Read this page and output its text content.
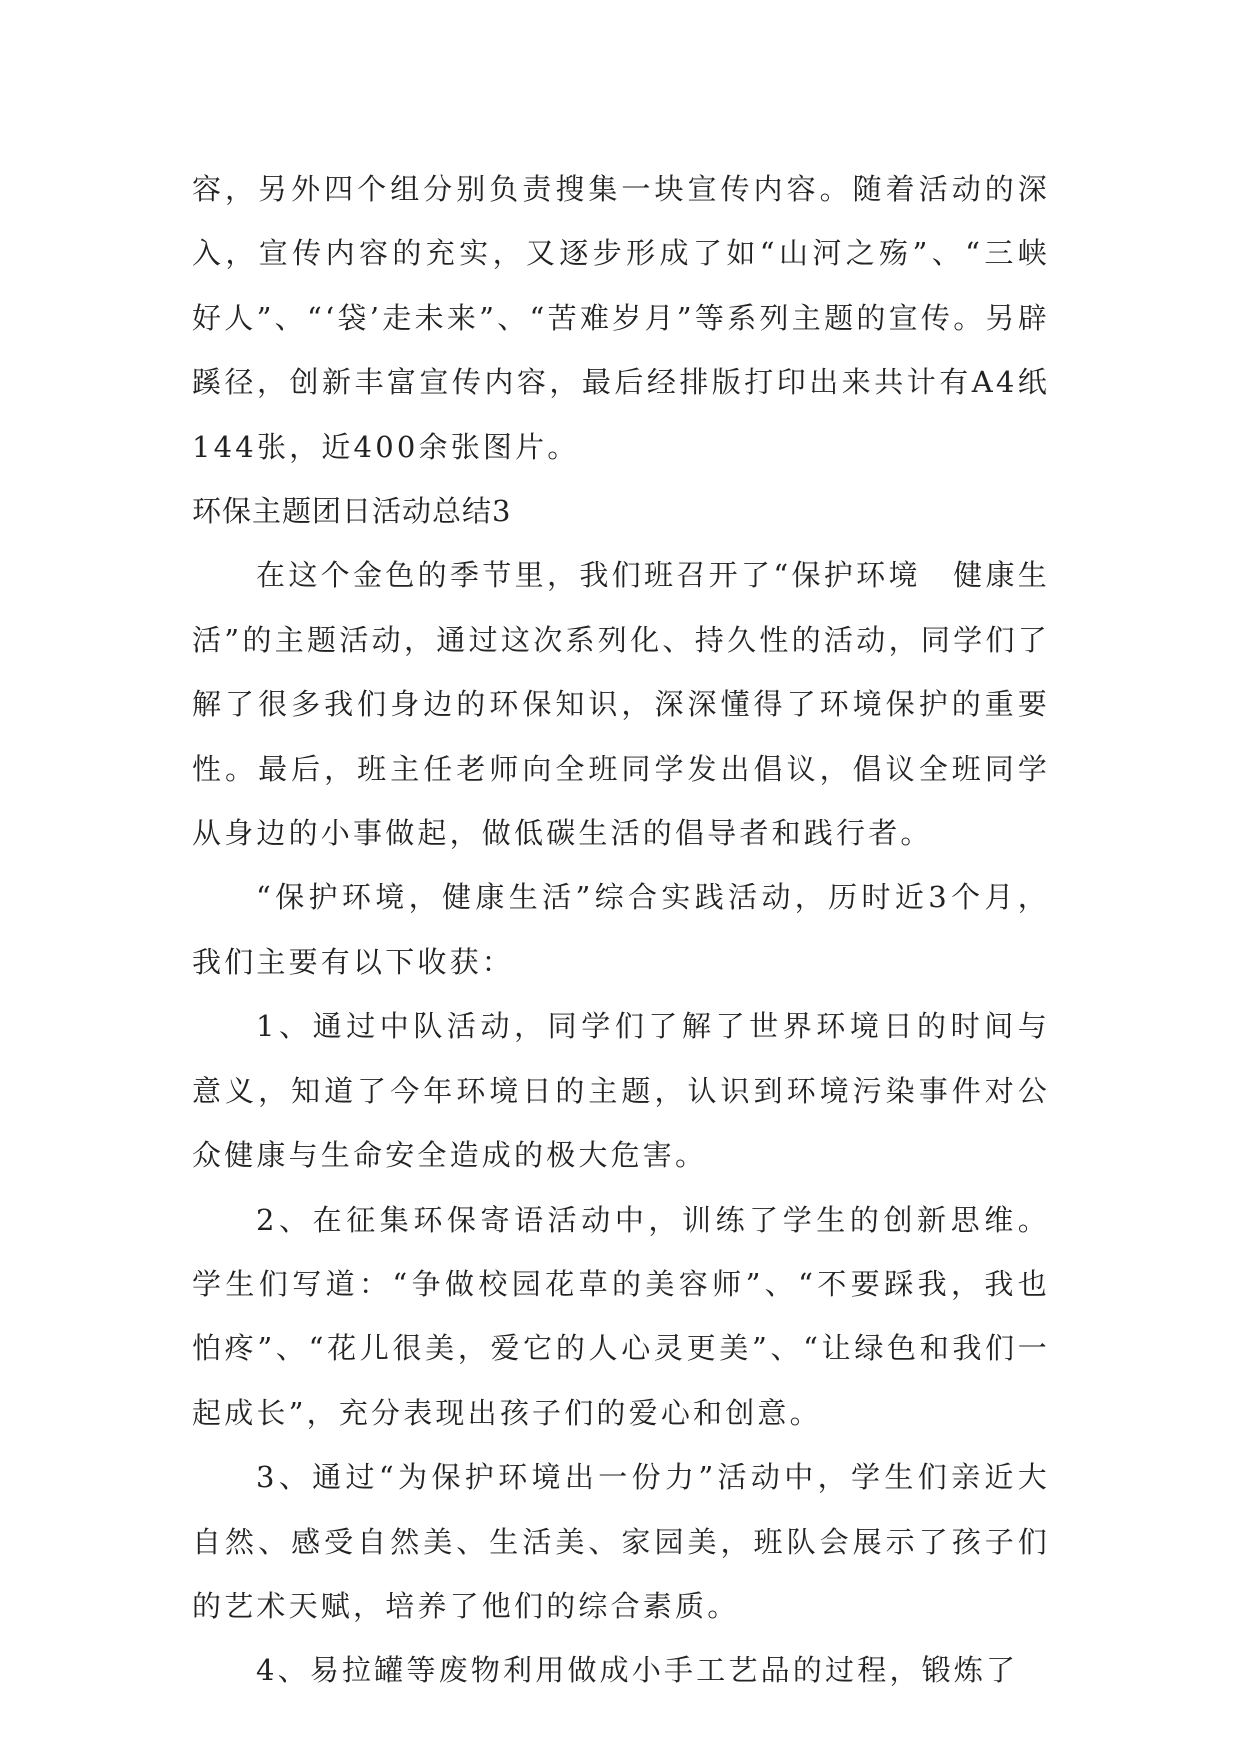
容，另外四个组分别负责搜集一块宣传内容。随着活动的深入，宣传内容的充实，又逐步形成了如“山河之殇”、“三峡好人”、“‘袋’走未来”、“苦难岁月”等系列主题的宣传。另辟蹊径，创新丰富宣传内容，最后经排版打印出来共计有A4纸144张，近400余张图片。

环保主题团日活动总结3

在这个金色的季节里，我们班召开了“保护环境　健康生活”的主题活动，通过这次系列化、持久性的活动，同学们了解了很多我们身边的环保知识，深深懂得了环境保护的重要性。最后，班主任老师向全班同学发出倡议，倡议全班同学从身边的小事做起，做低碳生活的倡导者和践行者。

“保护环境，健康生活”综合实践活动，历时近3个月，我们主要有以下收获：

1、通过中队活动，同学们了解了世界环境日的时间与意义，知道了今年环境日的主题，认识到环境污染事件对公众健康与生命安全造成的极大危害。

2、在征集环保寄语活动中，训练了学生的创新思维。学生们写道：“争做校园花草的美容师”、“不要踩我，我也怕疼”、“花儿很美，爱它的人心灵更美”、“让绿色和我们一起成长”，充分表现出孩子们的爱心和创意。

3、通过“为保护环境出一份力”活动中，学生们亲近大自然、感受自然美、生活美、家园美，班队会展示了孩子们的艺术天赋，培养了他们的综合素质。

4、易拉罐等废物利用做成小手工艺品的过程，锻炼了
